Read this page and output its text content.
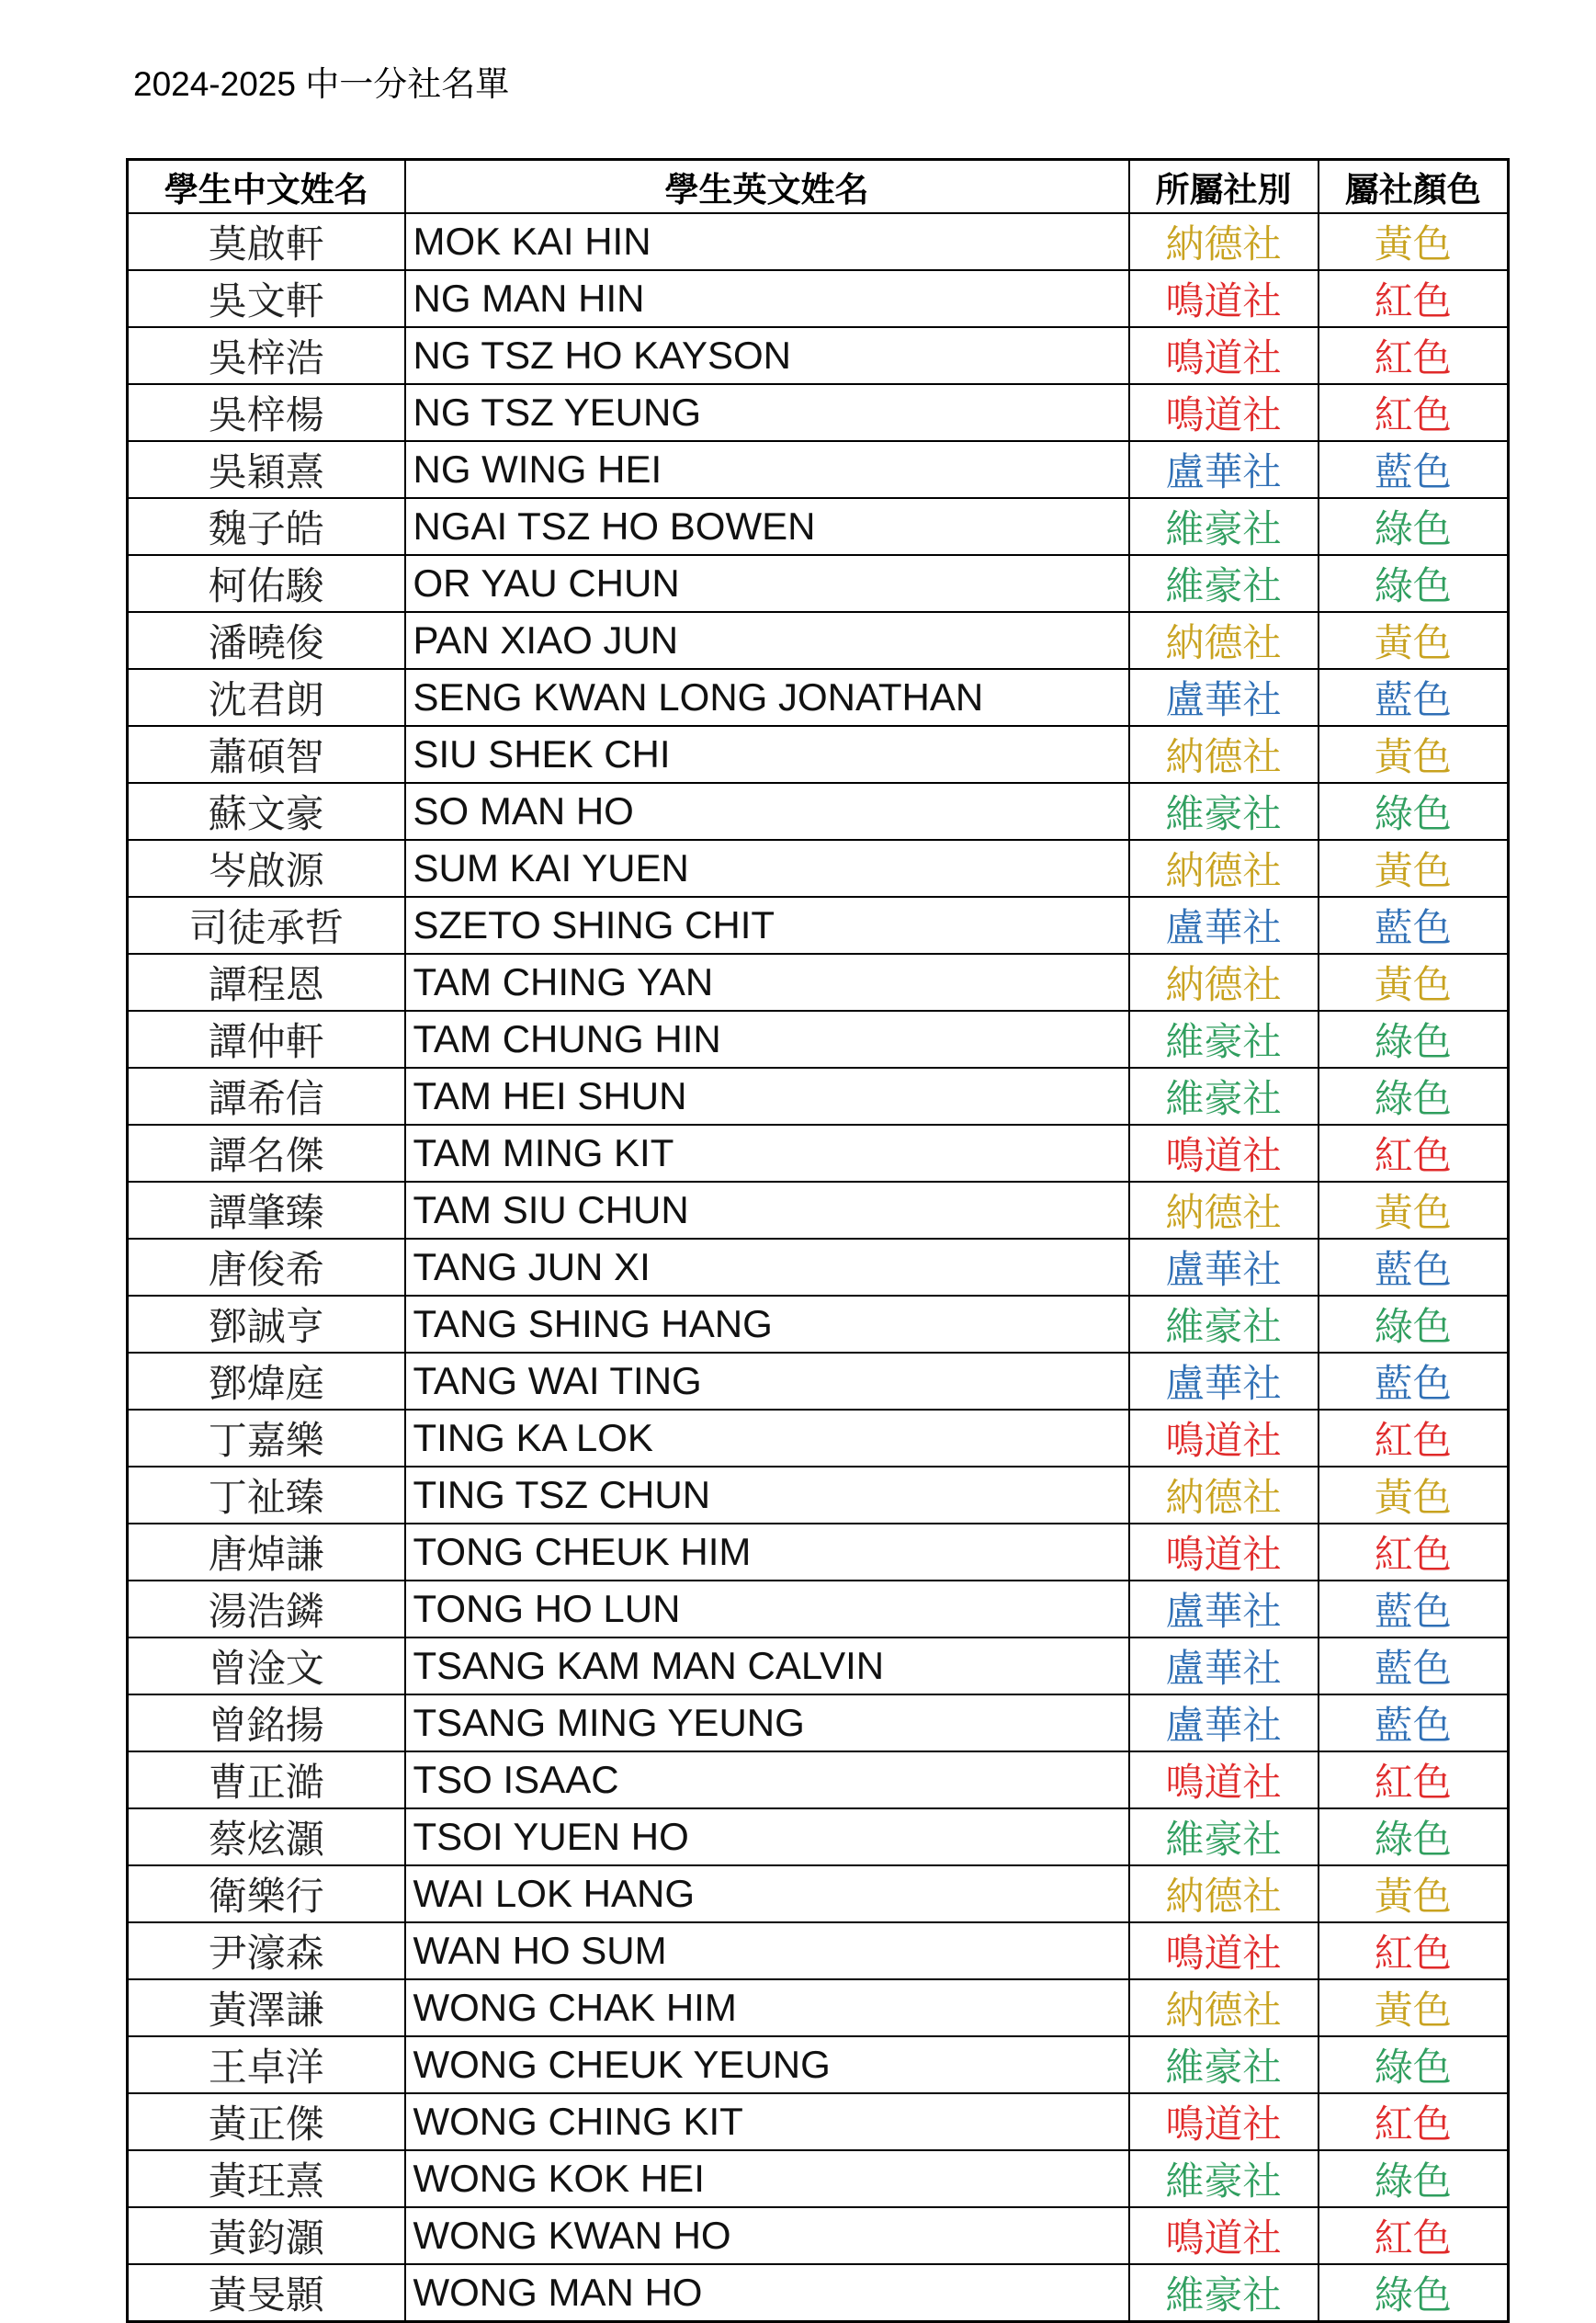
2024-2025 中一分社名單
學生中文姓名	學生英文姓名	所屬社別	屬社顏色
莫啟軒	MOK KAI HIN	納德社	黃色
吳文軒	NG MAN HIN	鳴道社	紅色
吳梓浩	NG TSZ HO KAYSON	鳴道社	紅色
吳梓楊	NG TSZ YEUNG	鳴道社	紅色
吳穎熹	NG WING HEI	盧華社	藍色
魏子皓	NGAI TSZ HO BOWEN	維豪社	綠色
柯佑駿	OR YAU CHUN	維豪社	綠色
潘曉俊	PAN XIAO JUN	納德社	黃色
沈君朗	SENG KWAN LONG JONATHAN	盧華社	藍色
蕭碩智	SIU SHEK CHI	納德社	黃色
蘇文豪	SO MAN HO	維豪社	綠色
岑啟源	SUM KAI YUEN	納德社	黃色
司徒承哲	SZETO SHING CHIT	盧華社	藍色
譚程恩	TAM CHING YAN	納德社	黃色
譚仲軒	TAM CHUNG HIN	維豪社	綠色
譚希信	TAM HEI SHUN	維豪社	綠色
譚名傑	TAM MING KIT	鳴道社	紅色
譚肇臻	TAM SIU CHUN	納德社	黃色
唐俊希	TANG JUN XI	盧華社	藍色
鄧誠亨	TANG SHING HANG	維豪社	綠色
鄧煒庭	TANG WAI TING	盧華社	藍色
丁嘉樂	TING KA LOK	鳴道社	紅色
丁祉臻	TING TSZ CHUN	納德社	黃色
唐焯謙	TONG CHEUK HIM	鳴道社	紅色
湯浩鏻	TONG HO LUN	盧華社	藍色
曾淦文	TSANG KAM MAN CALVIN	盧華社	藍色
曾銘揚	TSANG MING YEUNG	盧華社	藍色
曹正澔	TSO ISAAC	鳴道社	紅色
蔡炫灝	TSOI YUEN HO	維豪社	綠色
衛樂行	WAI LOK HANG	納德社	黃色
尹濠森	WAN HO SUM	鳴道社	紅色
黃澤謙	WONG CHAK HIM	納德社	黃色
王卓洋	WONG CHEUK YEUNG	維豪社	綠色
黃正傑	WONG CHING KIT	鳴道社	紅色
黃玨熹	WONG KOK HEI	維豪社	綠色
黃鈞灝	WONG KWAN HO	鳴道社	紅色
黃旻顥	WONG MAN HO	維豪社	綠色
